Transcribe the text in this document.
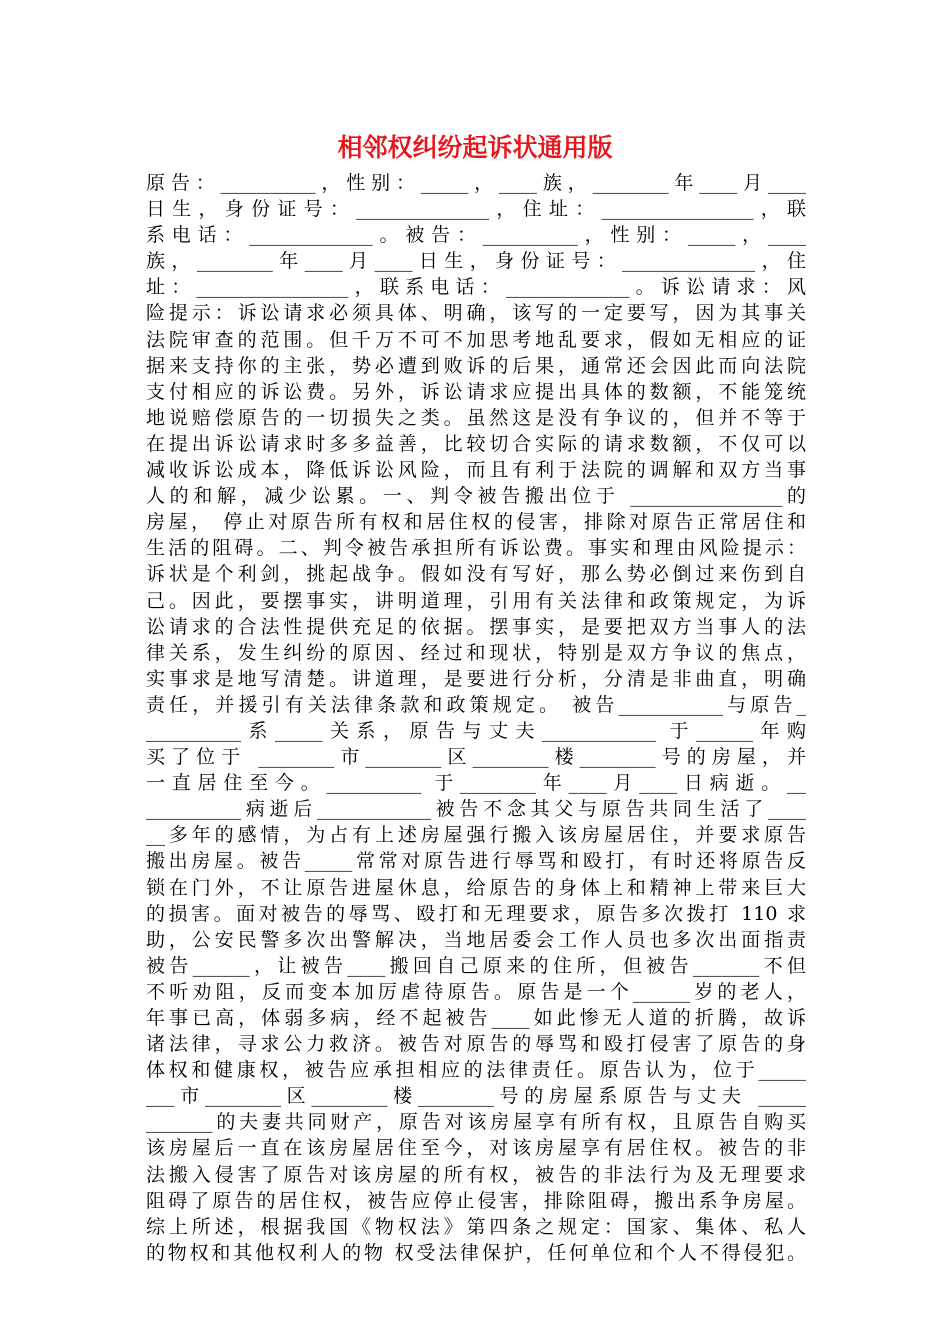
相邻权纠纷起诉状通用版
原告：__________，性别：_____，____族，________年____月____
日生，身份证号：______________，住址：________________，联
系电话：_____________。被告：__________，性别：_____，____
族，________年____月____日生，身份证号：______________，住
址：________________，联系电话：_____________。诉讼请求：风
险提示：诉讼请求必须具体、明确，该写的一定要写，因为其事关
法院审查的范围。但千万不可不加思考地乱要求，假如无相应的证
据来支持你的主张，势必遭到败诉的后果，通常还会因此而向法院
支付相应的诉讼费。另外，诉讼请求应提出具体的数额，不能笼统
地说赔偿原告的一切损失之类。虽然这是没有争议的，但并不等于
在提出诉讼请求时多多益善，比较切合实际的请求数额，不仅可以
减收诉讼成本，降低诉讼风险，而且有利于法院的调解和双方当事
人的和解，减少讼累。一、判令被告搬出位于 ________________的
房屋， 停止对原告所有权和居住权的侵害，排除对原告正常居住和
生活的阻碍。二、判令被告承担所有诉讼费。事实和理由风险提示：
诉状是个利剑，挑起战争。假如没有写好，那么势必倒过来伤到自
己。因此，要摆事实，讲明道理，引用有关法律和政策规定，为诉
讼请求的合法性提供充足的依据。摆事实，是要把双方当事人的法
律关系，发生纠纷的原因、经过和现状，特别是双方争议的焦点，
实事求是地写清楚。讲道理，是要进行分析，分清是非曲直，明确
责任，并援引有关法律条款和政策规定。 被告___________与原告_
__________系_____关系，原告与丈夫____________ 于______年购
买了位于 ________市________区________楼________号的房屋，并
一直居住至今。__________ 于________年____月____日病逝。__
__________病逝后____________被告不念其父与原告共同生活了____
__多年的感情，为占有上述房屋强行搬入该房屋居住，并要求原告
搬出房屋。被告_____常常对原告进行辱骂和殴打，有时还将原告反
锁在门外，不让原告进屋休息，给原告的身体上和精神上带来巨大
的损害。面对被告的辱骂、殴打和无理要求，原告多次拨打 110 求
助，公安民警多次出警解决，当地居委会工作人员也多次出面指责
被告______，让被告____搬回自己原来的住所，但被告_______不但
不听劝阻，反而变本加厉虐待原告。原告是一个______岁的老人，
年事已高，体弱多病，经不起被告____如此惨无人道的折腾，故诉
诸法律，寻求公力救济。被告对原告的辱骂和殴打侵害了原告的身
体权和健康权，被告应承担相应的法律责任。原告认为，位于_____
___市________区________楼________号的房屋系原告与丈夫 _____
_______的夫妻共同财产，原告对该房屋享有所有权，且原告自购买
该房屋后一直在该房屋居住至今，对该房屋享有居住权。被告的非
法搬入侵害了原告对该房屋的所有权，被告的非法行为及无理要求
阻碍了原告的居住权，被告应停止侵害，排除阻碍，搬出系争房屋。
综上所述，根据我国《物权法》第四条之规定：国家、集体、私人
的物权和其他权利人的物 权受法律保护，任何单位和个人不得侵犯。
